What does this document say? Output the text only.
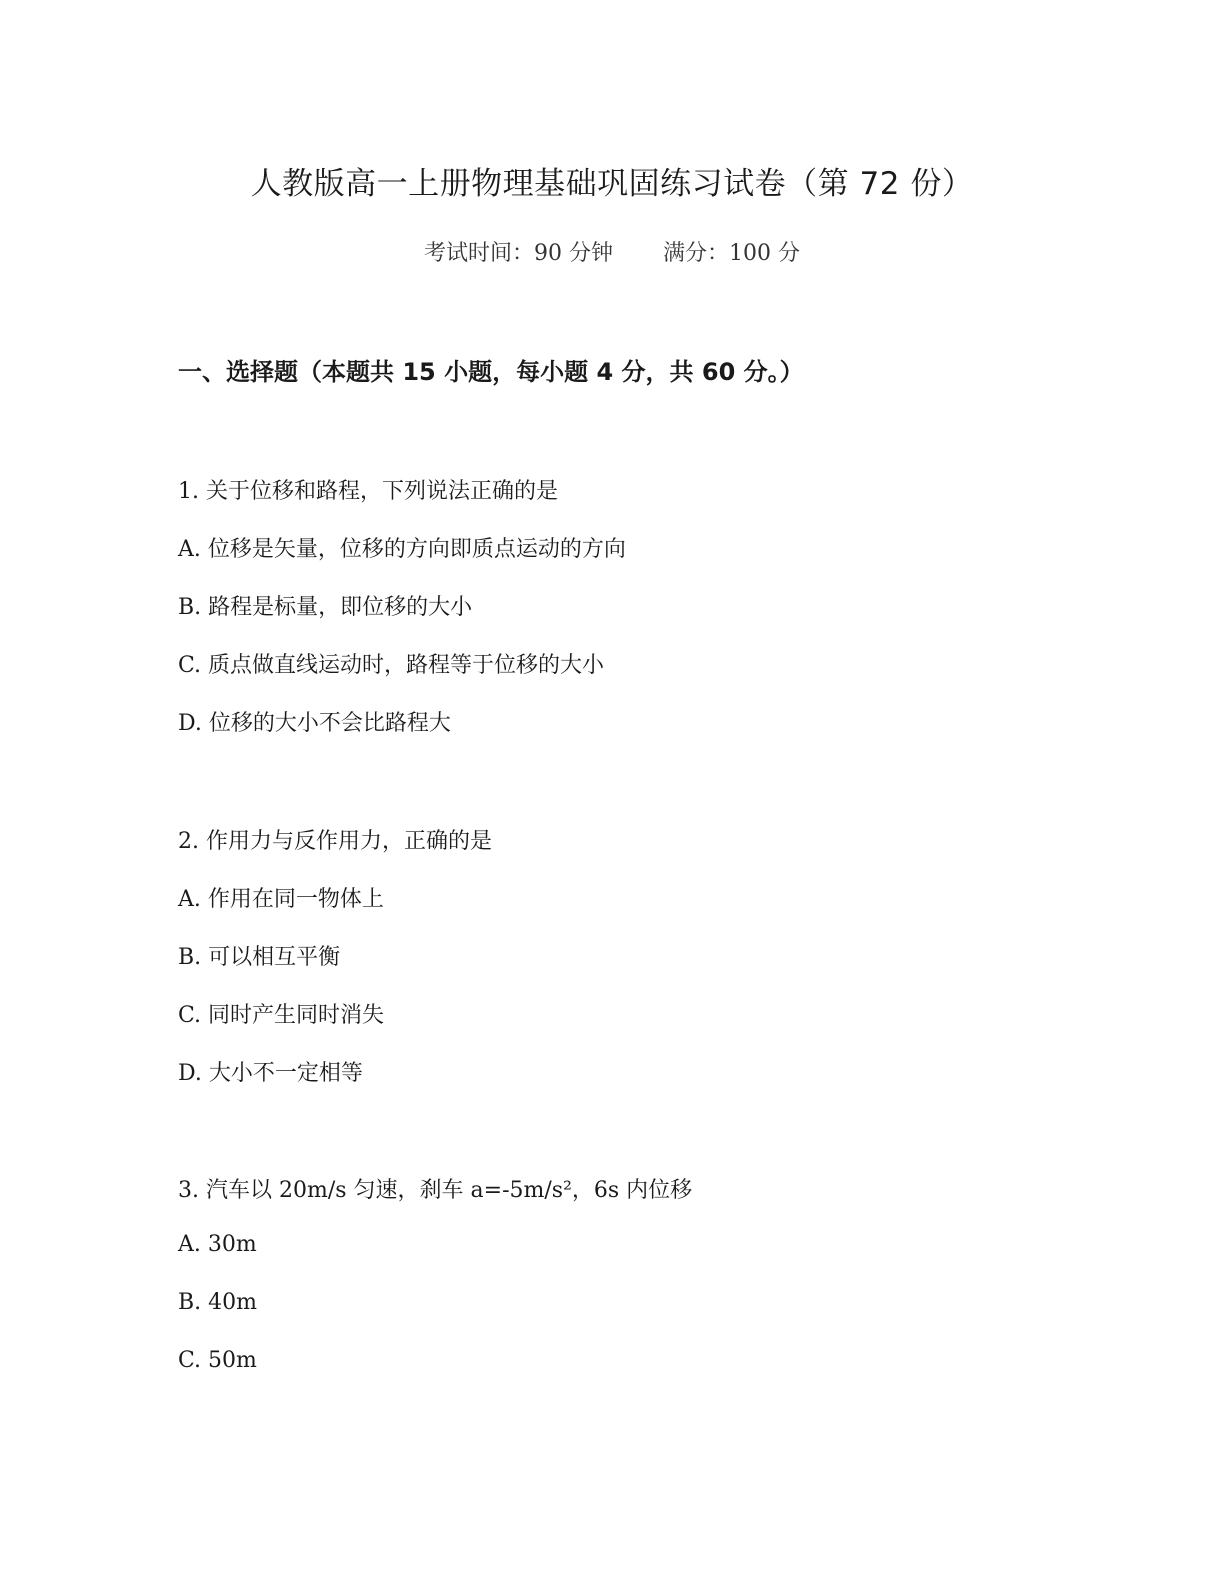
人教版高一上册物理基础巩固练习试卷（第 72 份）
考试时间：90 分钟 满分：100 分
一、选择题（本题共 15 小题，每小题 4 分，共 60 分。）
1. 关于位移和路程，下列说法正确的是
A. 位移是矢量，位移的方向即质点运动的方向
B. 路程是标量，即位移的大小
C. 质点做直线运动时，路程等于位移的大小
D. 位移的大小不会比路程大
2. 作用力与反作用力，正确的是
A. 作用在同一物体上
B. 可以相互平衡
C. 同时产生同时消失
D. 大小不一定相等
3. 汽车以 20m/s 匀速，刹车 a=-5m/s²，6s 内位移
A. 30m
B. 40m
C. 50m
